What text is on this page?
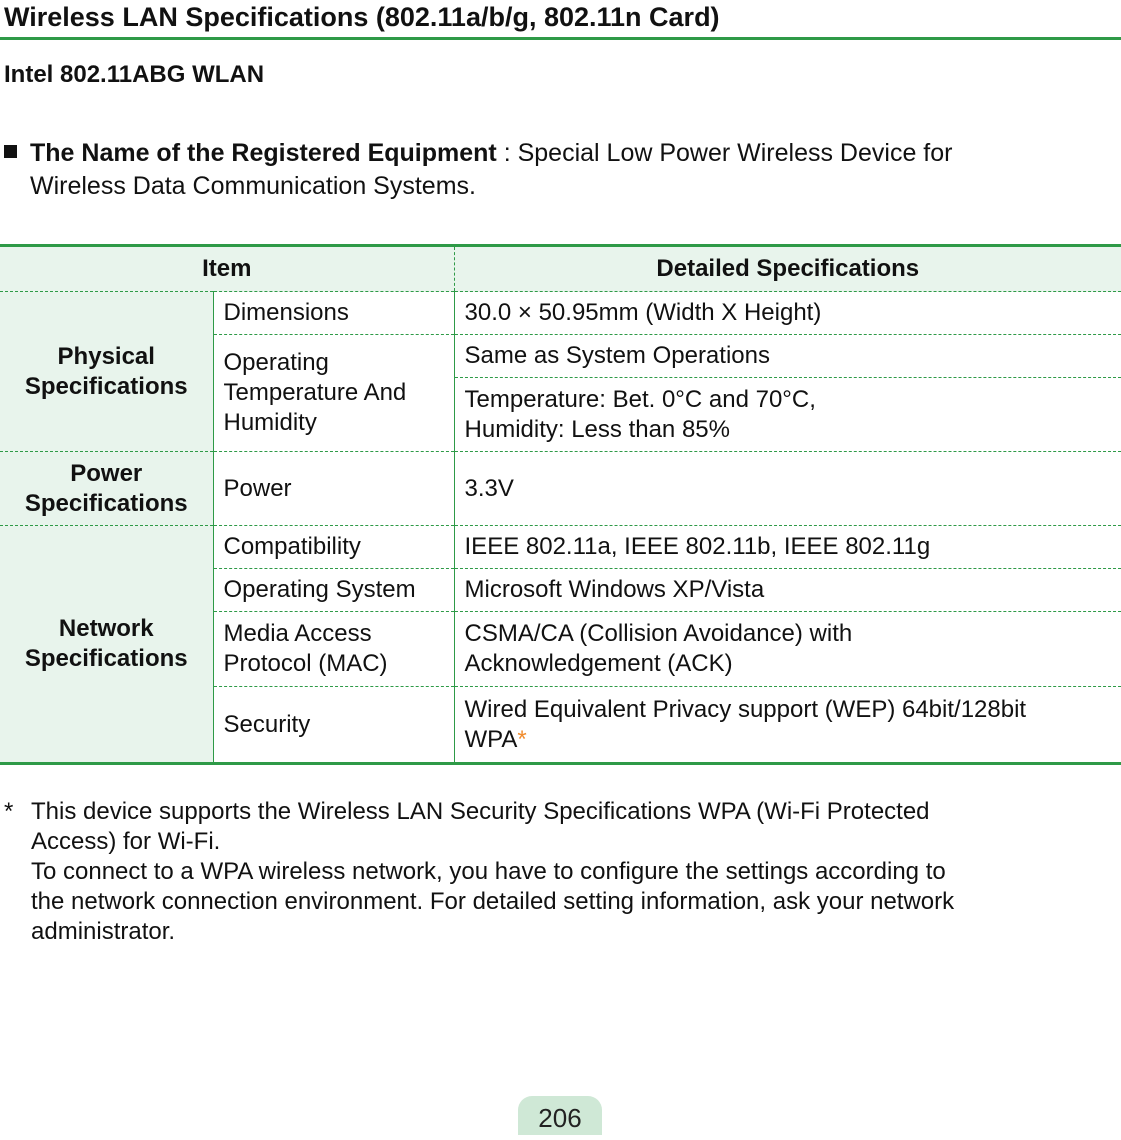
Wireless LAN Specifications (802.11a/b/g, 802.11n Card)
Intel 802.11ABG WLAN
The Name of the Registered Equipment : Special Low Power Wireless Device for
Wireless Data Communication Systems.
Item		Detailed Specifications
Physical Specifications	Dimensions	30.0 × 50.95mm (Width X Height)
	Operating Temperature And Humidity	Same as System Operations

		Temperature: Bet. 0°C and 70°C,
Humidity: Less than 85%

Power Specifications	Power	3.3V
Network Specifications	Compatibility	IEEE 802.11a, IEEE 802.11b, IEEE 802.11g
	Operating System	Microsoft Windows XP/Vista
	Media Access Protocol (MAC)	CSMA/CA (Collision Avoidance) with
Acknowledgement (ACK)

	Security	Wired Equivalent Privacy support (WEP) 64bit/128bit
WPA*
* This device supports the Wireless LAN Security Specifications WPA (Wi-Fi Protected
Access) for Wi-Fi.
To connect to a WPA wireless network, you have to configure the settings according to
the network connection environment. For detailed setting information, ask your network
administrator.
206
